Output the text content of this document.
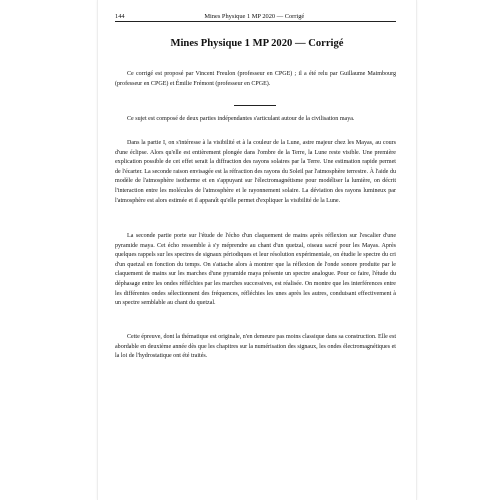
144	Mines Physique 1 MP 2020 — Corrigé
Mines Physique 1 MP 2020 — Corrigé

Ce corrigé est proposé par Vincent Freulon (professeur en CPGE) ; il a été relu par Guillaume Maimbourg (professeur en CPGE) et Émilie Frémont (professeur en CPGE).

Ce sujet est composé de deux parties indépendantes s'articulant autour de la civilisation maya.

Dans la partie I, on s'intéresse à la visibilité et à la couleur de la Lune, astre majeur chez les Mayas, au cours d'une éclipse. Alors qu'elle est entièrement plongée dans l'ombre de la Terre, la Lune reste visible. Une première explication possible de cet effet serait la diffraction des rayons solaires par la Terre. Une estimation rapide permet de l'écarter. La seconde raison envisagée est la réfraction des rayons du Soleil par l'atmosphère terrestre. À l'aide du modèle de l'atmosphère isotherme et en s'appuyant sur l'électromagnétisme pour modéliser la lumière, on décrit l'interaction entre les molécules de l'atmosphère et le rayonnement solaire. La déviation des rayons lumineux par l'atmosphère est alors estimée et il apparaît qu'elle permet d'expliquer la visibilité de la Lune.

La seconde partie porte sur l'étude de l'écho d'un claquement de mains après réflexion sur l'escalier d'une pyramide maya. Cet écho ressemble à s'y méprendre au chant d'un quetzal, oiseau sacré pour les Mayas. Après quelques rappels sur les spectres de signaux périodiques et leur résolution expérimentale, on étudie le spectre du cri d'un quetzal en fonction du temps. On s'attache alors à montrer que la réflexion de l'onde sonore produite par le claquement de mains sur les marches d'une pyramide maya présente un spectre analogue. Pour ce faire, l'étude du déphasage entre les ondes réfléchies par les marches successives, est réalisée. On montre que les interférences entre les différentes ondes sélectionnent des fréquences, réfléchies les unes après les autres, conduisant effectivement à un spectre semblable au chant du quetzal.

Cette épreuve, dont la thématique est originale, n'en demeure pas moins classique dans sa construction. Elle est abordable en deuxième année dès que les chapitres sur la numérisation des signaux, les ondes électromagnétiques et la loi de l'hydrostatique ont été traités.
